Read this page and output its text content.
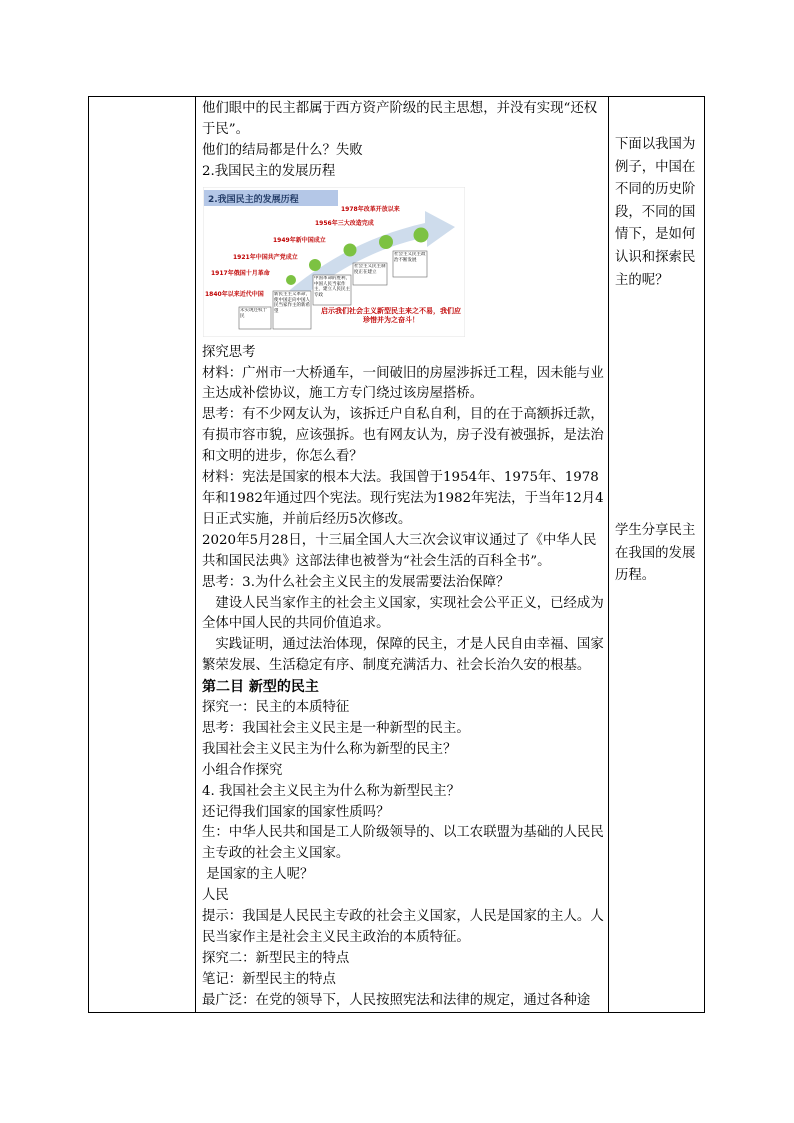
他们眼中的民主都属于西方资产阶级的民主思想，并没有实现“还权于民”。

他们的结局都是什么？失败

2.我国民主的发展历程

2.我国民主的发展历程
1840年以来近代中国
1917年俄国十月革命
1921年中国共产党成立
1949年新中国成立
1956年三大改造完成
1978年改革开放以来
未实现还权于民
新民主主义革命，使中国走向中国人民当家作主的新希望
中国革命的胜利，中国人民当家作主，建立人民民主专政
社会主义民主制度正在建立
社会主义民主政治不断发展
启示我们社会主义新型民主来之不易，我们应珍惜并为之奋斗！

探究思考

材料：广州市一大桥通车，一间破旧的房屋涉拆迁工程，因未能与业主达成补偿协议，施工方专门绕过该房屋搭桥。

思考：有不少网友认为，该拆迁户自私自利，目的在于高额拆迁款，有损市容市貌，应该强拆。也有网友认为，房子没有被强拆，是法治和文明的进步，你怎么看？

材料：宪法是国家的根本大法。我国曾于1954年、1975年、1978年和1982年通过四个宪法。现行宪法为1982年宪法，于当年12月4日正式实施，并前后经历5次修改。

2020年5月28日，十三届全国人大三次会议审议通过了《中华人民共和国民法典》这部法律也被誉为“社会生活的百科全书”。

思考：3.为什么社会主义民主的发展需要法治保障？

建设人民当家作主的社会主义国家，实现社会公平正义，已经成为全体中国人民的共同价值追求。

实践证明，通过法治体现，保障的民主，才是人民自由幸福、国家繁荣发展、生活稳定有序、制度充满活力、社会长治久安的根基。

第二目 新型的民主

探究一：民主的本质特征

思考：我国社会主义民主是一种新型的民主。

我国社会主义民主为什么称为新型的民主？

小组合作探究

4. 我国社会主义民主为什么称为新型民主？

还记得我们国家的国家性质吗？

生：中华人民共和国是工人阶级领导的、以工农联盟为基础的人民民主专政的社会主义国家。

是国家的主人呢？

人民

提示：我国是人民民主专政的社会主义国家，人民是国家的主人。人民当家作主是社会主义民主政治的本质特征。

探究二：新型民主的特点

笔记：新型民主的特点

最广泛：在党的领导下，人民按照宪法和法律的规定，通过各种途

下面以我国为例子，中国在不同的历史阶段，不同的国情下，是如何认识和探索民主的呢？

学生分享民主在我国的发展历程。
